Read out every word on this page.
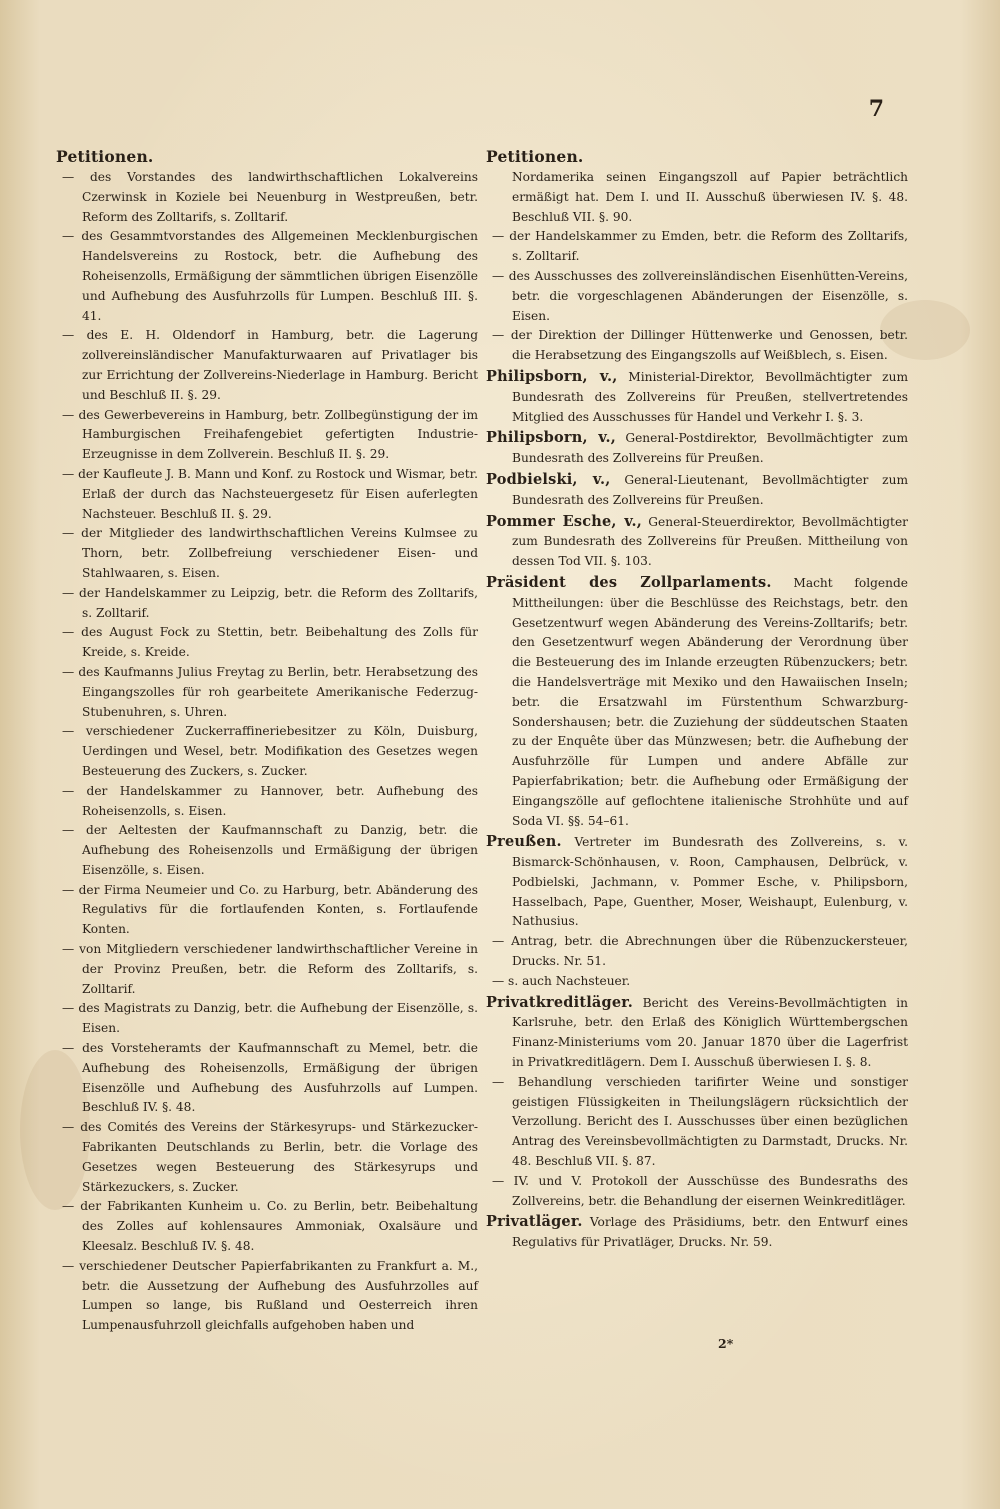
7
Petitionen.
— des Vorstandes des landwirthschaftlichen Lokalvereins Czerwinsk in Koziele bei Neuenburg in Westpreußen, betr. Reform des Zolltarifs, s. Zolltarif.
— des Gesammtvorstandes des Allgemeinen Mecklenburgischen Handelsvereins zu Rostock, betr. die Aufhebung des Roheisenzolls, Ermäßigung der sämmtlichen übrigen Eisenzölle und Aufhebung des Ausfuhrzolls für Lumpen. Beschluß III. §. 41.
— des E. H. Oldendorf in Hamburg, betr. die Lagerung zollvereinsländischer Manufakturwaaren auf Privatlager bis zur Errichtung der Zollvereins-Niederlage in Hamburg. Bericht und Beschluß II. §. 29.
— des Gewerbevereins in Hamburg, betr. Zollbegünstigung der im Hamburgischen Freihafengebiet gefertigten Industrie-Erzeugnisse in dem Zollverein. Beschluß II. §. 29.
— der Kaufleute J. B. Mann und Konf. zu Rostock und Wismar, betr. Erlaß der durch das Nachsteuergesetz für Eisen auferlegten Nachsteuer. Beschluß II. §. 29.
— der Mitglieder des landwirthschaftlichen Vereins Kulmsee zu Thorn, betr. Zollbefreiung verschiedener Eisen- und Stahlwaaren, s. Eisen.
— der Handelskammer zu Leipzig, betr. die Reform des Zolltarifs, s. Zolltarif.
— des August Fock zu Stettin, betr. Beibehaltung des Zolls für Kreide, s. Kreide.
— des Kaufmanns Julius Freytag zu Berlin, betr. Herabsetzung des Eingangszolles für roh gearbeitete Amerikanische Federzug-Stubenuhren, s. Uhren.
— verschiedener Zuckerraffineriebesitzer zu Köln, Duisburg, Uerdingen und Wesel, betr. Modifikation des Gesetzes wegen Besteuerung des Zuckers, s. Zucker.
— der Handelskammer zu Hannover, betr. Aufhebung des Roheisenzolls, s. Eisen.
— der Aeltesten der Kaufmannschaft zu Danzig, betr. die Aufhebung des Roheisenzolls und Ermäßigung der übrigen Eisenzölle, s. Eisen.
— der Firma Neumeier und Co. zu Harburg, betr. Abänderung des Regulativs für die fortlaufenden Konten, s. Fortlaufende Konten.
— von Mitgliedern verschiedener landwirthschaftlicher Vereine in der Provinz Preußen, betr. die Reform des Zolltarifs, s. Zolltarif.
— des Magistrats zu Danzig, betr. die Aufhebung der Eisenzölle, s. Eisen.
— des Vorsteheramts der Kaufmannschaft zu Memel, betr. die Aufhebung des Roheisenzolls, Ermäßigung der übrigen Eisenzölle und Aufhebung des Ausfuhrzolls auf Lumpen. Beschluß IV. §. 48.
— des Comités des Vereins der Stärkesyrups- und Stärkezucker-Fabrikanten Deutschlands zu Berlin, betr. die Vorlage des Gesetzes wegen Besteuerung des Stärkesyrups und Stärkezuckers, s. Zucker.
— der Fabrikanten Kunheim u. Co. zu Berlin, betr. Beibehaltung des Zolles auf kohlensaures Ammoniak, Oxalsäure und Kleesalz. Beschluß IV. §. 48.
— verschiedener Deutscher Papierfabrikanten zu Frankfurt a. M., betr. die Aussetzung der Aufhebung des Ausfuhrzolles auf Lumpen so lange, bis Rußland und Oesterreich ihren Lumpenausfuhrzoll gleichfalls aufgehoben haben und
Petitionen.
Nordamerika seinen Eingangszoll auf Papier beträchtlich ermäßigt hat. Dem I. und II. Ausschuß überwiesen IV. §. 48. Beschluß VII. §. 90.
— der Handelskammer zu Emden, betr. die Reform des Zolltarifs, s. Zolltarif.
— des Ausschusses des zollvereinsländischen Eisenhütten-Vereins, betr. die vorgeschlagenen Abänderungen der Eisenzölle, s. Eisen.
— der Direktion der Dillinger Hüttenwerke und Genossen, betr. die Herabsetzung des Eingangszolls auf Weißblech, s. Eisen.
Philipsborn, v., Ministerial-Direktor, Bevollmächtigter zum Bundesrath des Zollvereins für Preußen, stellvertretendes Mitglied des Ausschusses für Handel und Verkehr I. §. 3.
Philipsborn, v., General-Postdirektor, Bevollmächtigter zum Bundesrath des Zollvereins für Preußen.
Podbielski, v., General-Lieutenant, Bevollmächtigter zum Bundesrath des Zollvereins für Preußen.
Pommer Esche, v., General-Steuerdirektor, Bevollmächtigter zum Bundesrath des Zollvereins für Preußen. Mittheilung von dessen Tod VII. §. 103.
Präsident des Zollparlaments. Macht folgende Mittheilungen: über die Beschlüsse des Reichstags, betr. den Gesetzentwurf wegen Abänderung des Vereins-Zolltarifs; betr. den Gesetzentwurf wegen Abänderung der Verordnung über die Besteuerung des im Inlande erzeugten Rübenzuckers; betr. die Handelsverträge mit Mexiko und den Hawaiischen Inseln; betr. die Ersatzwahl im Fürstenthum Schwarzburg-Sondershausen; betr. die Zuziehung der süddeutschen Staaten zu der Enquête über das Münzwesen; betr. die Aufhebung der Ausfuhrzölle für Lumpen und andere Abfälle zur Papierfabrikation; betr. die Aufhebung oder Ermäßigung der Eingangszölle auf geflochtene italienische Strohhüte und auf Soda VI. §§. 54–61.
Preußen. Vertreter im Bundesrath des Zollvereins, s. v. Bismarck-Schönhausen, v. Roon, Camphausen, Delbrück, v. Podbielski, Jachmann, v. Pommer Esche, v. Philipsborn, Hasselbach, Pape, Guenther, Moser, Weishaupt, Eulenburg, v. Nathusius.
— Antrag, betr. die Abrechnungen über die Rübenzuckersteuer, Drucks. Nr. 51.
— s. auch Nachsteuer.
Privatkreditläger. Bericht des Vereins-Bevollmächtigten in Karlsruhe, betr. den Erlaß des Königlich Württembergschen Finanz-Ministeriums vom 20. Januar 1870 über die Lagerfrist in Privatkreditlägern. Dem I. Ausschuß überwiesen I. §. 8.
— Behandlung verschieden tarifirter Weine und sonstiger geistigen Flüssigkeiten in Theilungslägern rücksichtlich der Verzollung. Bericht des I. Ausschusses über einen bezüglichen Antrag des Vereinsbevollmächtigten zu Darmstadt, Drucks. Nr. 48. Beschluß VII. §. 87.
— IV. und V. Protokoll der Ausschüsse des Bundesraths des Zollvereins, betr. die Behandlung der eisernen Weinkreditläger.
Privatläger. Vorlage des Präsidiums, betr. den Entwurf eines Regulativs für Privatläger, Drucks. Nr. 59.
2*
